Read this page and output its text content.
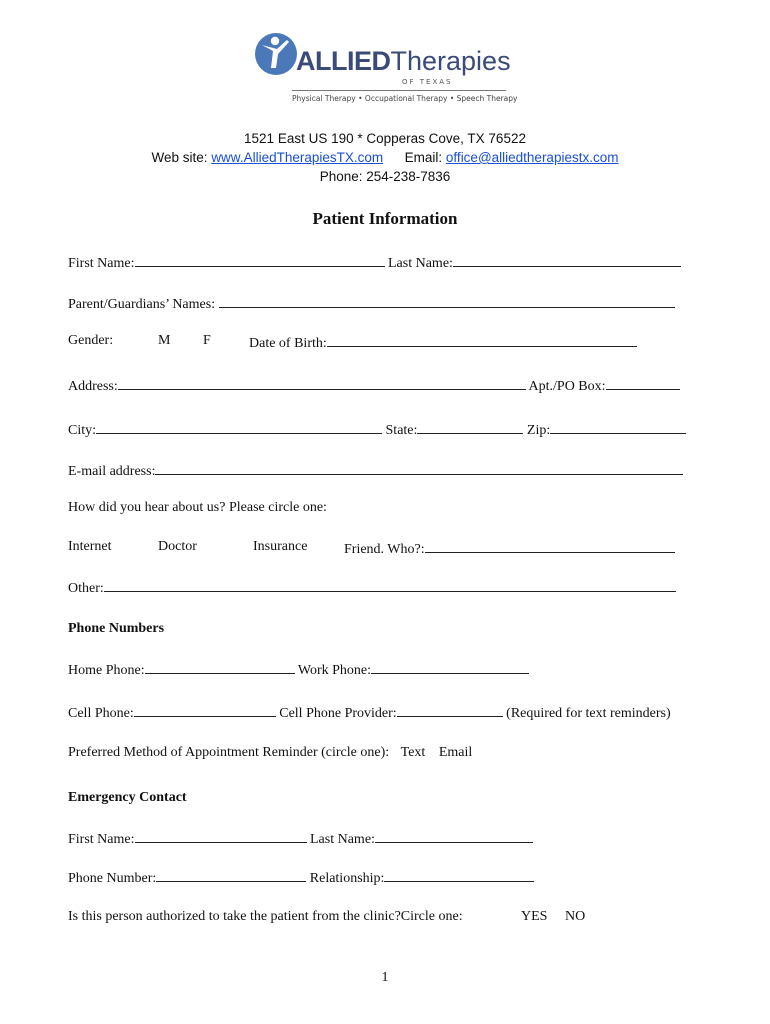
ALLIEDTherapies
OF TEXAS
Physical Therapy • Occupational Therapy • Speech Therapy
1521 East US 190 * Copperas Cove, TX 76522
Web site: www.AlliedTherapiesTX.com Email: office@alliedtherapiestx.com
Phone: 254-238-7836
Patient Information
First Name:	Last Name:
Parent/Guardians’ Names:
Gender:	M F	Date of Birth:
Address:	Apt./PO Box:
City:	State:	Zip:
E-mail address:
How did you hear about us? Please circle one:
Internet	Doctor	Insurance	Friend. Who?:
Other:
Phone Numbers
Home Phone:	Work Phone:
Cell Phone:	Cell Phone Provider:	(Required for text reminders)
Preferred Method of Appointment Reminder (circle one): Text Email
Emergency Contact
First Name:	Last Name:
Phone Number:	Relationship:
Is this person authorized to take the patient from the clinic?Circle one:	YES NO
1
